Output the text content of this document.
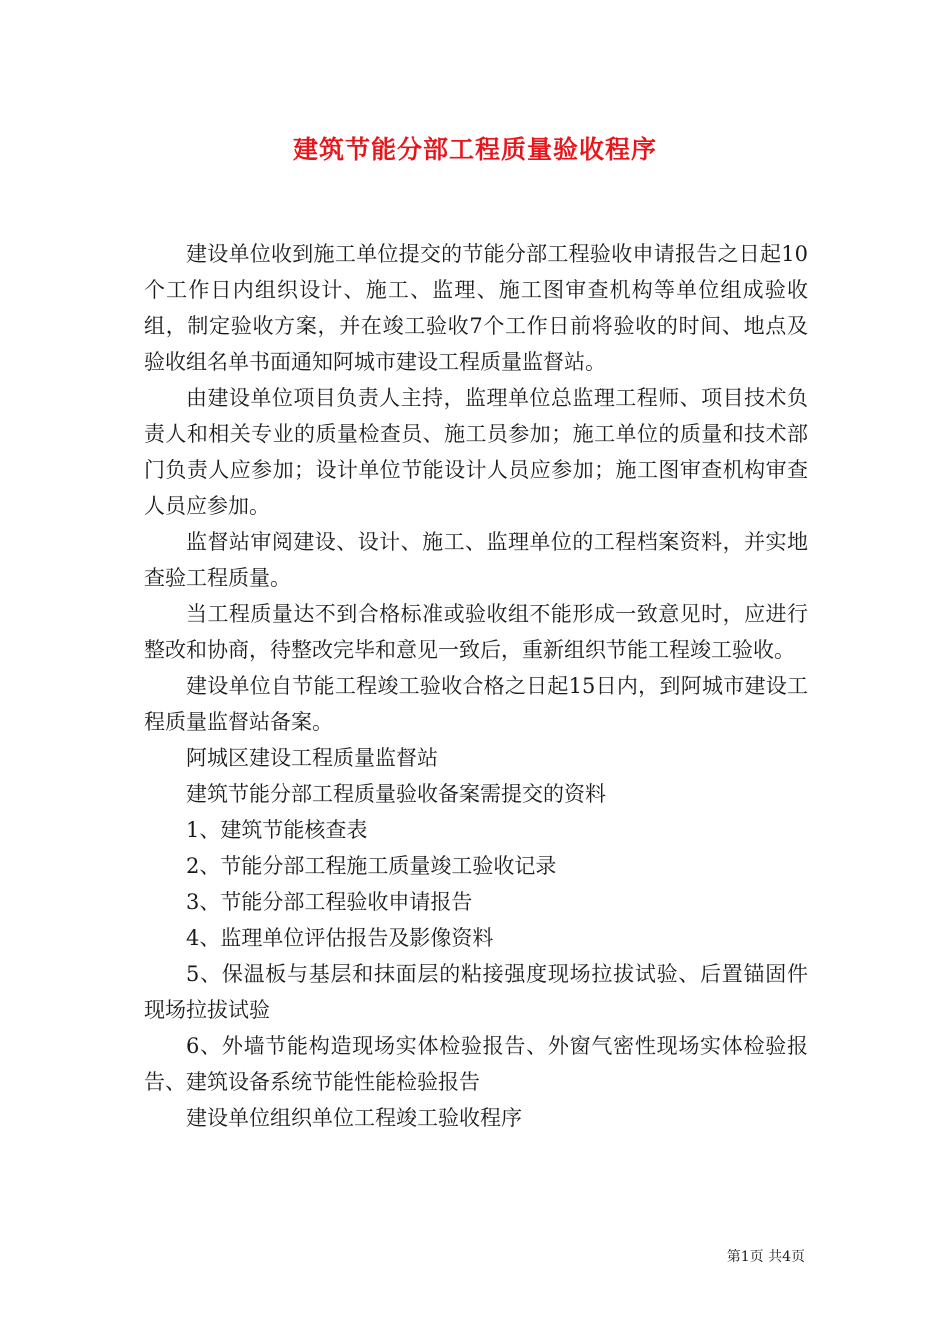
建筑节能分部工程质量验收程序

建设单位收到施工单位提交的节能分部工程验收申请报告之日起10个工作日内组织设计、施工、监理、施工图审查机构等单位组成验收组，制定验收方案，并在竣工验收7个工作日前将验收的时间、地点及验收组名单书面通知阿城市建设工程质量监督站。

由建设单位项目负责人主持，监理单位总监理工程师、项目技术负责人和相关专业的质量检查员、施工员参加；施工单位的质量和技术部门负责人应参加；设计单位节能设计人员应参加；施工图审查机构审查人员应参加。

监督站审阅建设、设计、施工、监理单位的工程档案资料，并实地查验工程质量。

当工程质量达不到合格标准或验收组不能形成一致意见时，应进行整改和协商，待整改完毕和意见一致后，重新组织节能工程竣工验收。

建设单位自节能工程竣工验收合格之日起15日内，到阿城市建设工程质量监督站备案。

阿城区建设工程质量监督站

建筑节能分部工程质量验收备案需提交的资料

1、建筑节能核查表

2、节能分部工程施工质量竣工验收记录

3、节能分部工程验收申请报告

4、监理单位评估报告及影像资料

5、保温板与基层和抹面层的粘接强度现场拉拔试验、后置锚固件现场拉拔试验

6、外墙节能构造现场实体检验报告、外窗气密性现场实体检验报告、建筑设备系统节能性能检验报告

建设单位组织单位工程竣工验收程序

第1页 共4页
